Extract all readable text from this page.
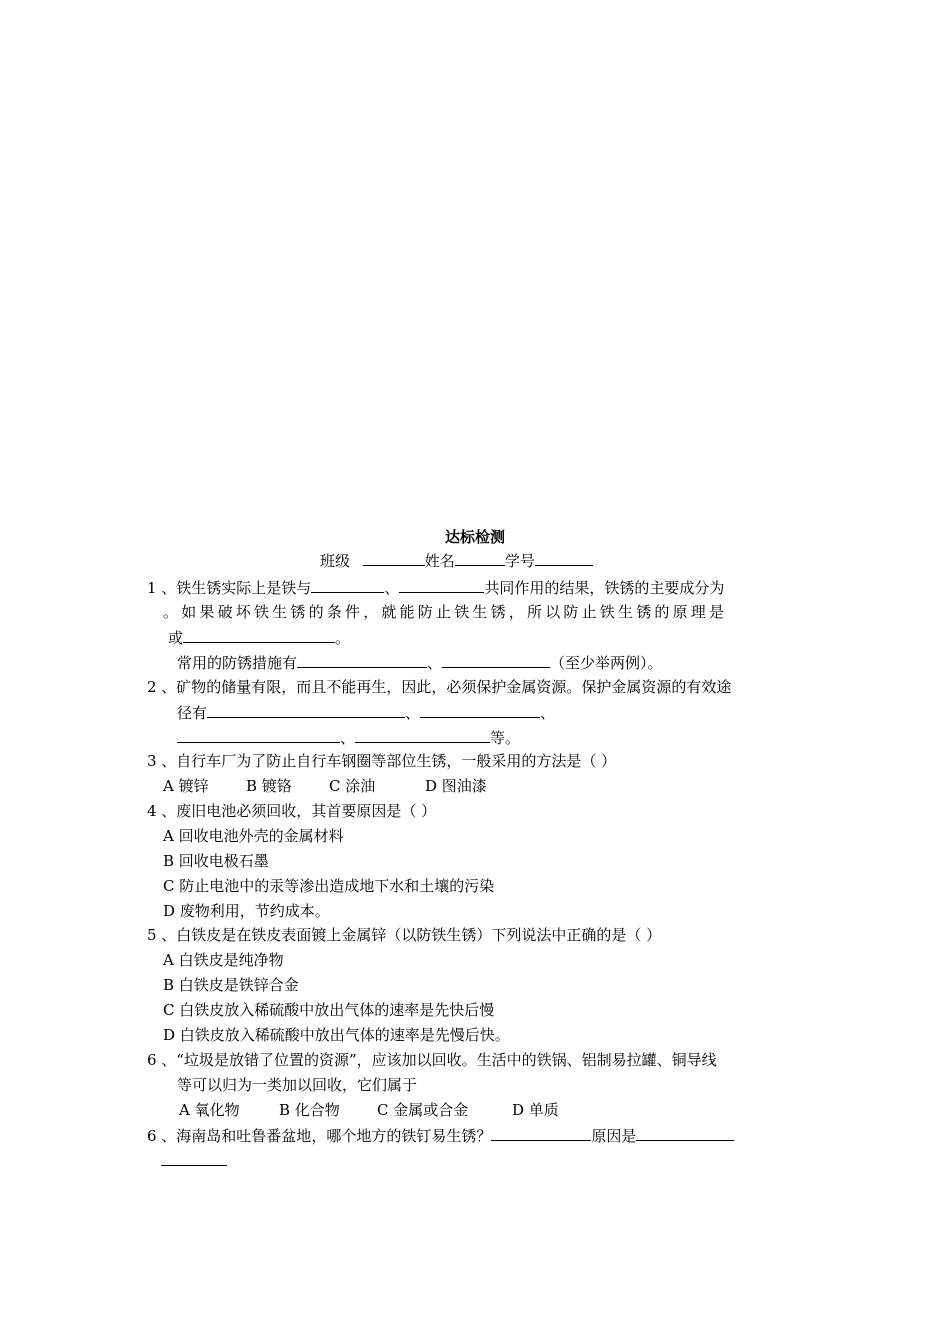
达标检测
班级	姓名	学号
1 、铁生锈实际上是铁与	、	共同作用的结果，铁锈的主要成分为
。如果破坏铁生锈的条件，就能防止铁生锈，所以防止铁生锈的原理是
或	。
常用的防锈措施有	、	（至少举两例）。
2 、矿物的储量有限，而且不能再生，因此，必须保护金属资源。保护金属资源的有效途
径有	、	、
、	等。
3 、自行车厂为了防止自行车钢圈等部位生锈，一般采用的方法是（ ）
A 镀锌 B 镀铬 C 涂油	D 图油漆
4 、废旧电池必须回收，其首要原因是（ ）
A 回收电池外壳的金属材料
B 回收电极石墨
C 防止电池中的汞等渗出造成地下水和土壤的污染
D 废物利用，节约成本。
5 、白铁皮是在铁皮表面镀上金属锌（以防铁生锈）下列说法中正确的是（ ）
A 白铁皮是纯净物
B 白铁皮是铁锌合金
C 白铁皮放入稀硫酸中放出气体的速率是先快后慢
D 白铁皮放入稀硫酸中放出气体的速率是先慢后快。
6 、“垃圾是放错了位置的资源”，应该加以回收。生活中的铁锅、铝制易拉罐、铜导线
等可以归为一类加以回收，它们属于
A 氧化物	B 化合物 C 金属或合金	D 单质
6 、海南岛和吐鲁番盆地，哪个地方的铁钉易生锈？	原因是
